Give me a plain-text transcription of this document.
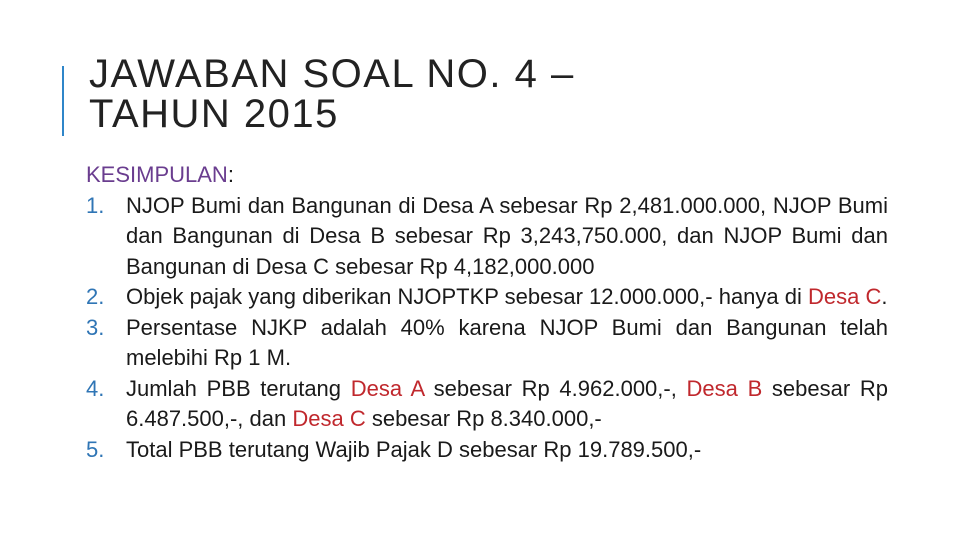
JAWABAN SOAL NO. 4 –
TAHUN 2015

KESIMPULAN:

1. NJOP Bumi dan Bangunan di Desa A sebesar Rp 2,481.000.000, NJOP Bumi dan Bangunan di Desa B sebesar Rp 3,243,750.000, dan NJOP Bumi dan Bangunan di Desa C sebesar Rp 4,182,000.000
2. Objek pajak yang diberikan NJOPTKP sebesar 12.000.000,- hanya di Desa C.
3. Persentase NJKP adalah 40% karena NJOP Bumi dan Bangunan telah melebihi Rp 1 M.
4. Jumlah PBB terutang Desa A sebesar Rp 4.962.000,-, Desa B sebesar Rp 6.487.500,-, dan Desa C sebesar Rp 8.340.000,-
5. Total PBB terutang Wajib Pajak D sebesar Rp 19.789.500,-
